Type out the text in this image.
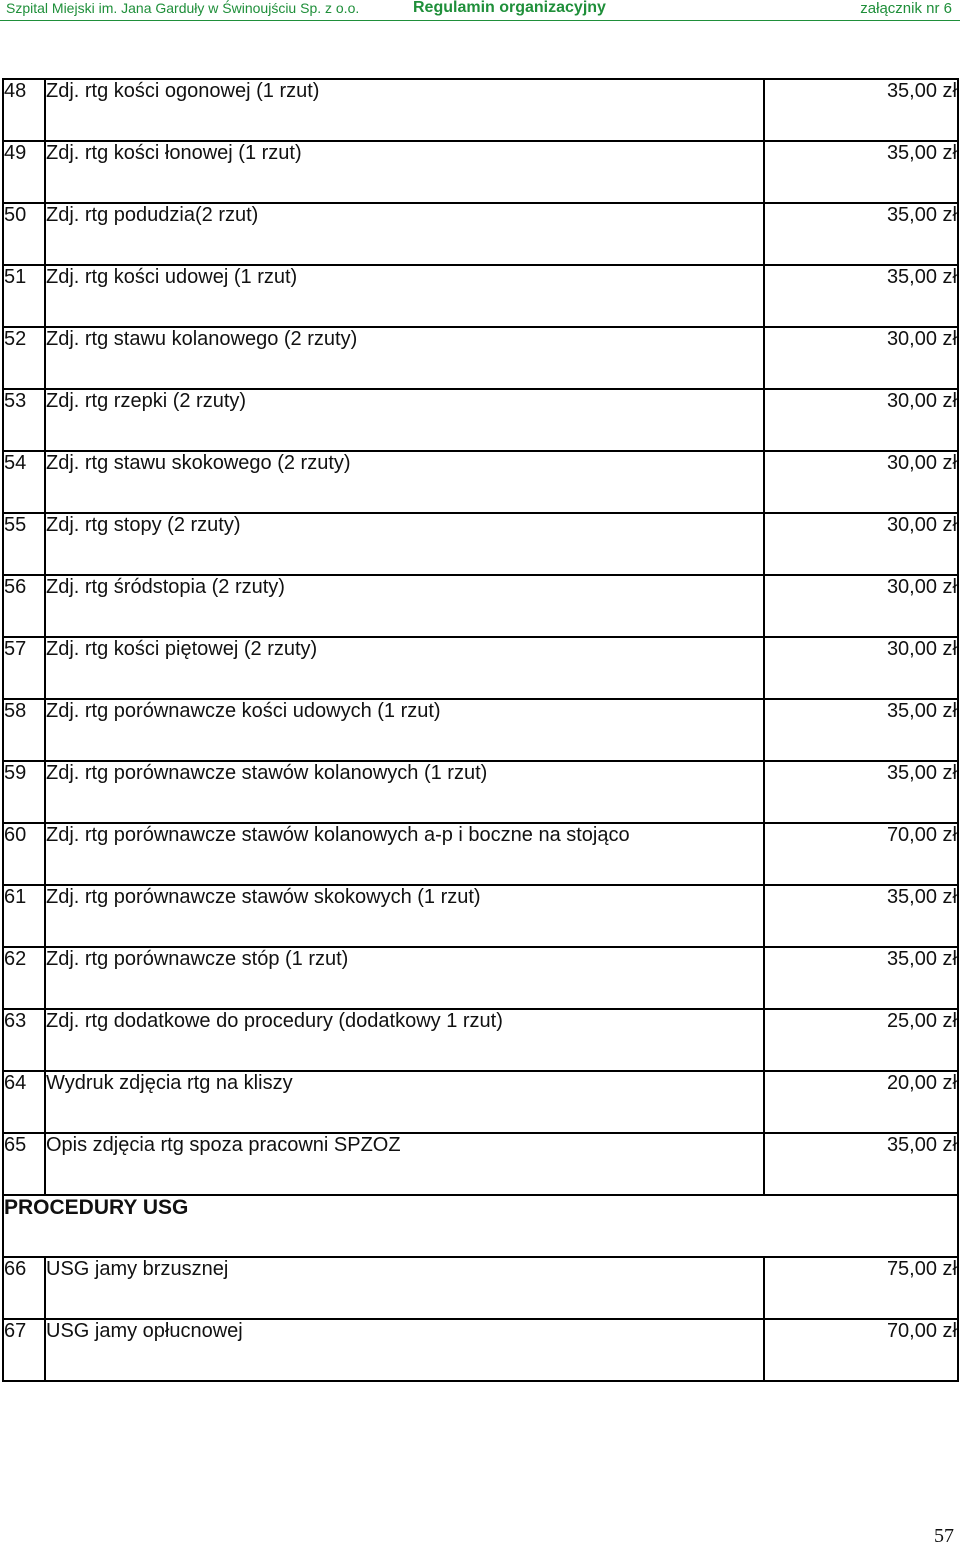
Szpital Miejski im. Jana Garduły w Świnoujściu Sp. z o.o.	Regulamin organizacyjny	załącznik nr 6
48	Zdj. rtg kości ogonowej (1 rzut)	35,00 zł
49	Zdj. rtg kości łonowej (1 rzut)	35,00 zł
50	Zdj. rtg podudzia(2 rzut)	35,00 zł
51	Zdj. rtg kości udowej (1 rzut)	35,00 zł
52	Zdj. rtg stawu kolanowego (2 rzuty)	30,00 zł
53	Zdj. rtg rzepki (2 rzuty)	30,00 zł
54	Zdj. rtg stawu skokowego (2 rzuty)	30,00 zł
55	Zdj. rtg stopy (2 rzuty)	30,00 zł
56	Zdj. rtg śródstopia (2 rzuty)	30,00 zł
57	Zdj. rtg kości piętowej (2 rzuty)	30,00 zł
58	Zdj. rtg porównawcze kości udowych (1 rzut)	35,00 zł
59	Zdj. rtg porównawcze stawów kolanowych (1 rzut)	35,00 zł
60	Zdj. rtg porównawcze stawów kolanowych a-p i boczne na stojąco	70,00 zł
61	Zdj. rtg porównawcze stawów skokowych (1 rzut)	35,00 zł
62	Zdj. rtg porównawcze stóp (1 rzut)	35,00 zł
63	Zdj. rtg dodatkowe do procedury (dodatkowy 1 rzut)	25,00 zł
64	Wydruk zdjęcia rtg na kliszy	20,00 zł
65	Opis zdjęcia rtg spoza pracowni SPZOZ	35,00 zł
PROCEDURY USG		
66	USG jamy brzusznej	75,00 zł
67	USG jamy opłucnowej	70,00 zł
57
